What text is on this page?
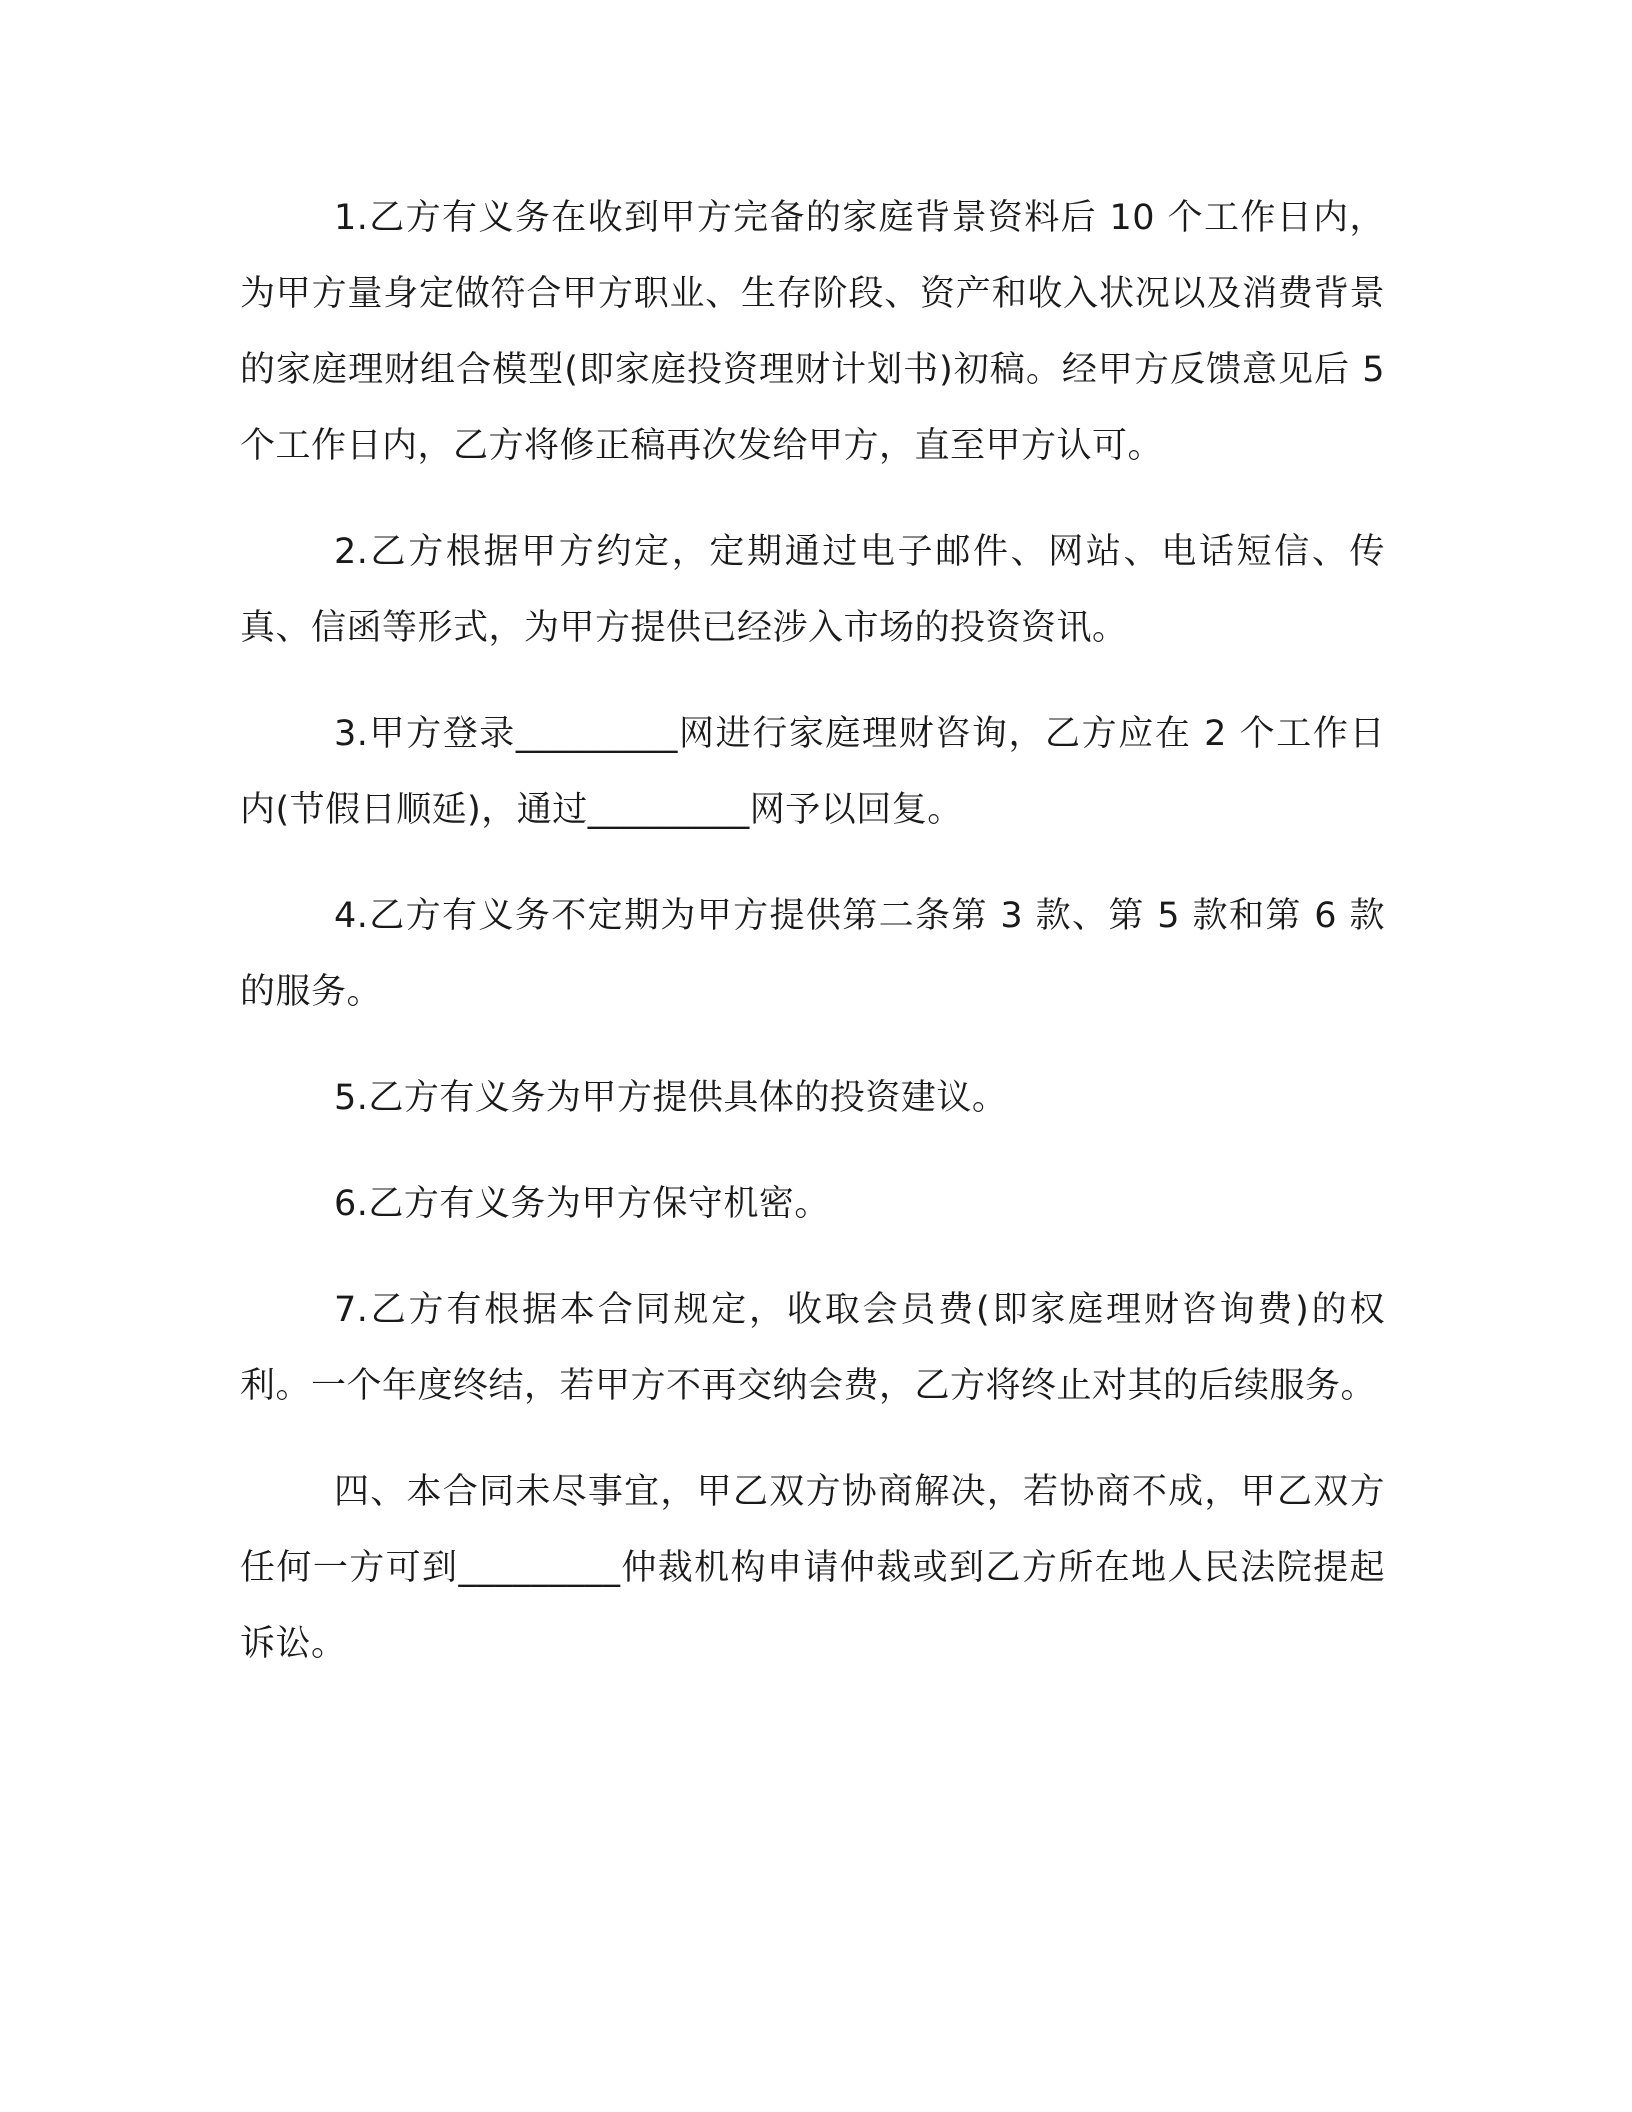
1.乙方有义务在收到甲方完备的家庭背景资料后 10 个工作日内，为甲方量身定做符合甲方职业、生存阶段、资产和收入状况以及消费背景的家庭理财组合模型(即家庭投资理财计划书)初稿。经甲方反馈意见后 5 个工作日内，乙方将修正稿再次发给甲方，直至甲方认可。

2.乙方根据甲方约定，定期通过电子邮件、网站、电话短信、传真、信函等形式，为甲方提供已经涉入市场的投资资讯。

3.甲方登录_________网进行家庭理财咨询，乙方应在 2 个工作日内(节假日顺延)，通过_________网予以回复。

4.乙方有义务不定期为甲方提供第二条第 3 款、第 5 款和第 6 款的服务。

5.乙方有义务为甲方提供具体的投资建议。

6.乙方有义务为甲方保守机密。

7.乙方有根据本合同规定，收取会员费(即家庭理财咨询费)的权利。一个年度终结，若甲方不再交纳会费，乙方将终止对其的后续服务。

四、本合同未尽事宜，甲乙双方协商解决，若协商不成，甲乙双方任何一方可到_________仲裁机构申请仲裁或到乙方所在地人民法院提起诉讼。
